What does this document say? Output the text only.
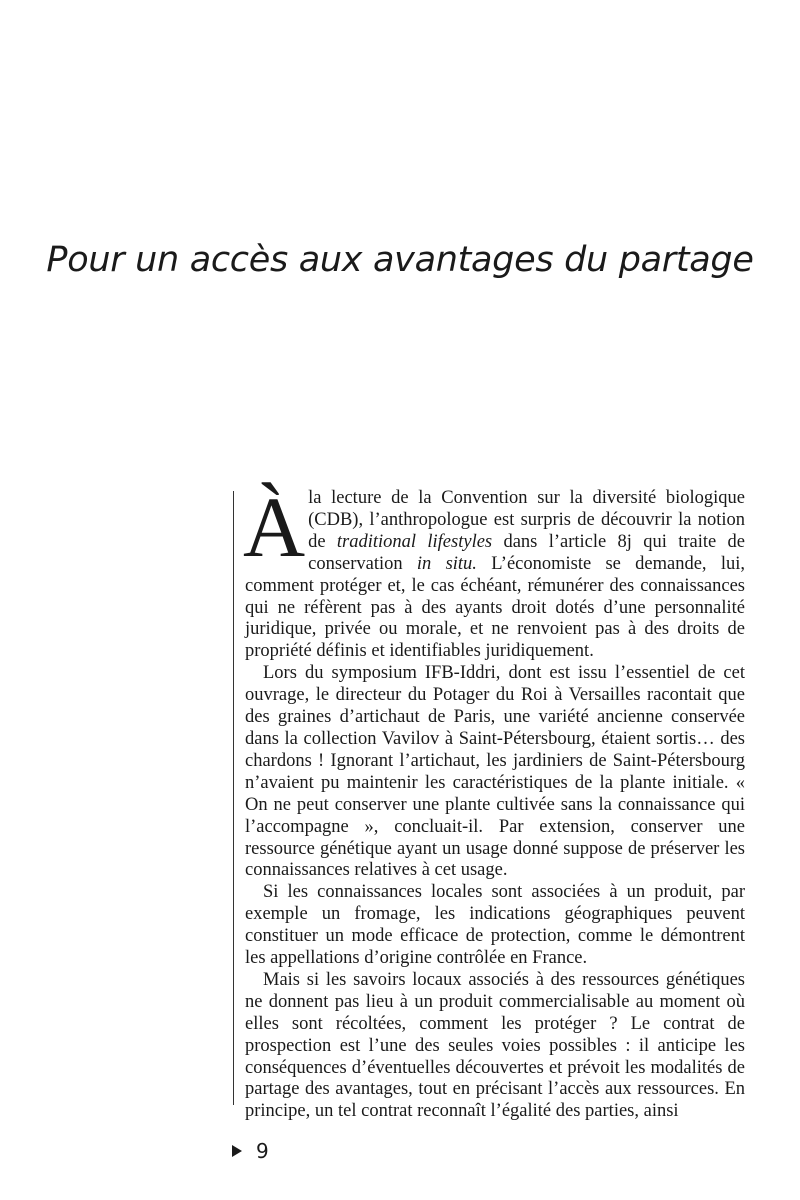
Pour un accès aux avantages du partage

Àla lecture de la Convention sur la diversité biologique (CDB), l’anthropologue est surpris de découvrir la notion de traditional lifestyles dans l’article 8j qui traite de conservation in situ. L’économiste se demande, lui, comment protéger et, le cas échéant, rémunérer des connaissances qui ne réfèrent pas à des ayants droit dotés d’une personnalité juridique, privée ou morale, et ne renvoient pas à des droits de propriété définis et identifiables juridiquement.

Lors du symposium IFB-Iddri, dont est issu l’essentiel de cet ouvrage, le directeur du Potager du Roi à Versailles racontait que des graines d’artichaut de Paris, une variété ancienne conservée dans la collection Vavilov à Saint-Pétersbourg, étaient sortis… des chardons ! Ignorant l’artichaut, les jardiniers de Saint-Pétersbourg n’avaient pu maintenir les caractéristiques de la plante initiale. « On ne peut conserver une plante cultivée sans la connaissance qui l’accompagne », concluait-il. Par extension, conserver une ressource génétique ayant un usage donné suppose de préserver les connaissances relatives à cet usage.

Si les connaissances locales sont associées à un produit, par exemple un fromage, les indications géographiques peuvent constituer un mode efficace de protection, comme le démontrent les appellations d’origine contrôlée en France.

Mais si les savoirs locaux associés à des ressources génétiques ne donnent pas lieu à un produit commercialisable au moment où elles sont récoltées, comment les protéger ? Le contrat de prospection est l’une des seules voies possibles : il anticipe les conséquences d’éventuelles découvertes et prévoit les modalités de partage des avantages, tout en précisant l’accès aux ressources. En principe, un tel contrat reconnaît l’égalité des parties, ainsi

9
